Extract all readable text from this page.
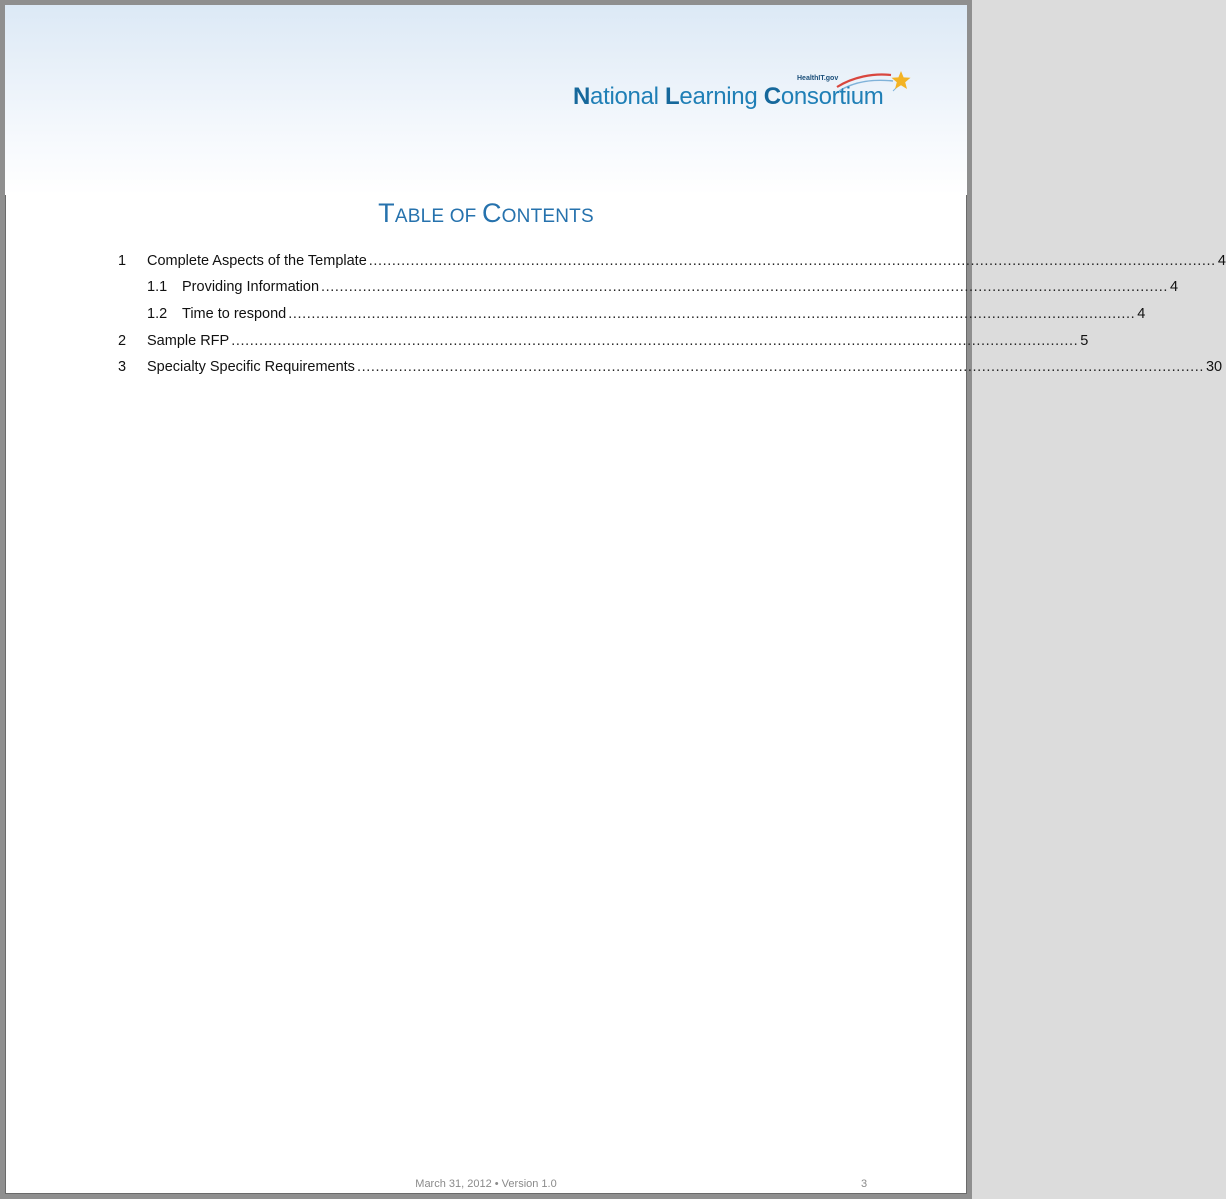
HealthIT.gov
National Learning Consortium
TABLE OF CONTENTS
1 Complete Aspects of the Template ....................................................................................................................................................................................... 4
1.1 Providing Information ....................................................................................................................................................................................... 4
1.2 Time to respond ....................................................................................................................................................................................... 4
2 Sample RFP ....................................................................................................................................................................................... 5
3 Specialty Specific Requirements ....................................................................................................................................................................................... 30
March 31, 2012 • Version 1.0	3
